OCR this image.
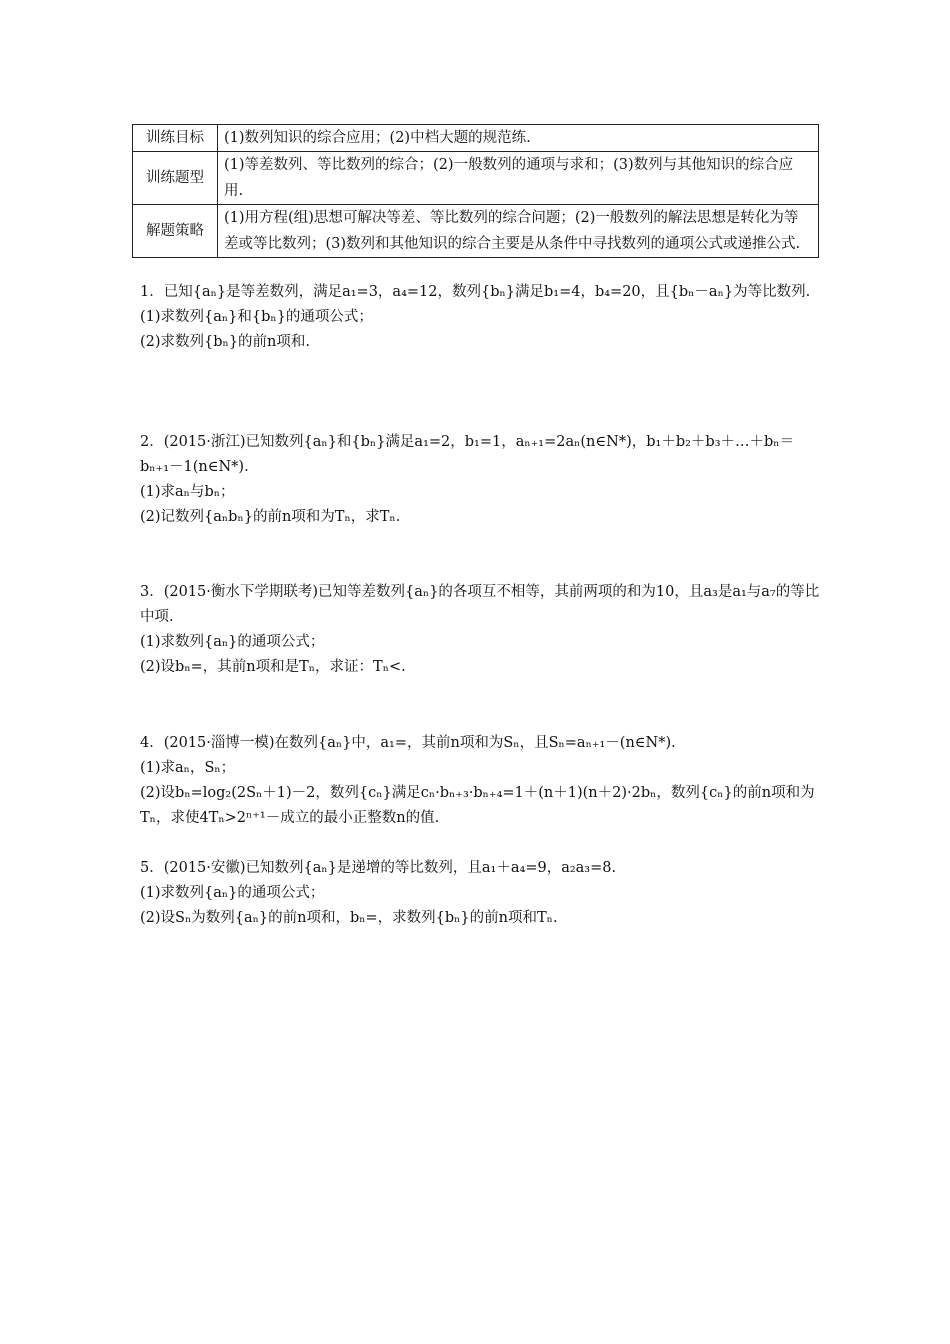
训练目标	(1)数列知识的综合应用；(2)中档大题的规范练.
训练题型	(1)等差数列、等比数列的综合；(2)一般数列的通项与求和；(3)数列与其他知识的综合应用.
解题策略	(1)用方程(组)思想可解决等差、等比数列的综合问题；(2)一般数列的解法思想是转化为等差或等比数列；(3)数列和其他知识的综合主要是从条件中寻找数列的通项公式或递推公式.

1．已知{aₙ}是等差数列，满足a₁=3，a₄=12，数列{bₙ}满足b₁=4，b₄=20，且{bₙ－aₙ}为等比数列.

(1)求数列{aₙ}和{bₙ}的通项公式；

(2)求数列{bₙ}的前n项和.

2．(2015·浙江)已知数列{aₙ}和{bₙ}满足a₁=2，b₁=1，aₙ₊₁=2aₙ(n∈N*)，b₁＋b₂＋b₃＋…＋bₙ＝bₙ₊₁－1(n∈N*).

(1)求aₙ与bₙ；

(2)记数列{aₙbₙ}的前n项和为Tₙ，求Tₙ.

3．(2015·衡水下学期联考)已知等差数列{aₙ}的各项互不相等，其前两项的和为10，且a₃是a₁与a₇的等比中项.

(1)求数列{aₙ}的通项公式；

(2)设bₙ=，其前n项和是Tₙ，求证：Tₙ<.

4．(2015·淄博一模)在数列{aₙ}中，a₁=，其前n项和为Sₙ，且Sₙ=aₙ₊₁－(n∈N*).

(1)求aₙ，Sₙ；

(2)设bₙ=log₂(2Sₙ＋1)－2，数列{cₙ}满足cₙ·bₙ₊₃·bₙ₊₄=1＋(n＋1)(n＋2)·2bₙ，数列{cₙ}的前n项和为Tₙ，求使4Tₙ>2ⁿ⁺¹－成立的最小正整数n的值.

5．(2015·安徽)已知数列{aₙ}是递增的等比数列，且a₁＋a₄=9，a₂a₃=8.

(1)求数列{aₙ}的通项公式；

(2)设Sₙ为数列{aₙ}的前n项和，bₙ=，求数列{bₙ}的前n项和Tₙ.
